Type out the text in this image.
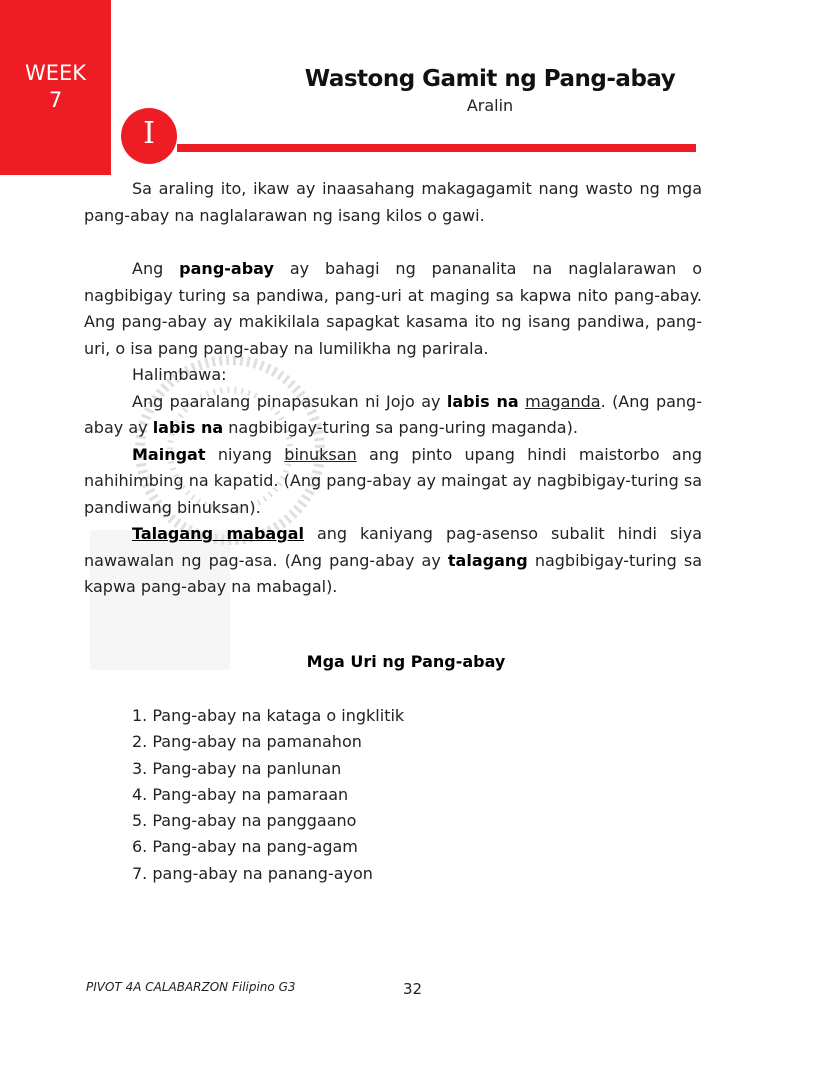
WEEK
7
Wastong Gamit ng Pang-abay
Aralin
I

Sa araling ito, ikaw ay inaasahang makagagamit nang wasto ng mga pang-abay na naglalarawan ng isang kilos o gawi.

Ang pang-abay ay bahagi ng pananalita na naglalarawan o nagbibigay turing sa pandiwa, pang-uri at maging sa kapwa nito pang-abay. Ang pang-abay ay makikilala sapagkat kasama ito ng isang pandiwa, pang-uri, o isa pang pang-abay na lumilikha ng parirala.

Halimbawa:

Ang paaralang pinapasukan ni Jojo ay labis na maganda. (Ang pang-abay ay labis na nagbibigay-turing sa pang-uring maganda).

Maingat niyang binuksan ang pinto upang hindi maistorbo ang nahihimbing na kapatid. (Ang pang-abay ay maingat ay nagbibigay-turing sa pandiwang binuksan).

Talagang mabagal ang kaniyang pag-asenso subalit hindi siya nawawalan ng pag-asa. (Ang pang-abay ay talagang nagbibigay-turing sa kapwa pang-abay na mabagal).

Mga Uri ng Pang-abay
1. Pang-abay na kataga o ingklitik
2. Pang-abay na pamanahon
3. Pang-abay na panlunan
4. Pang-abay na pamaraan
5. Pang-abay na panggaano
6. Pang-abay na pang-agam
7. pang-abay na panang-ayon
PIVOT 4A CALABARZON Filipino G3	32
